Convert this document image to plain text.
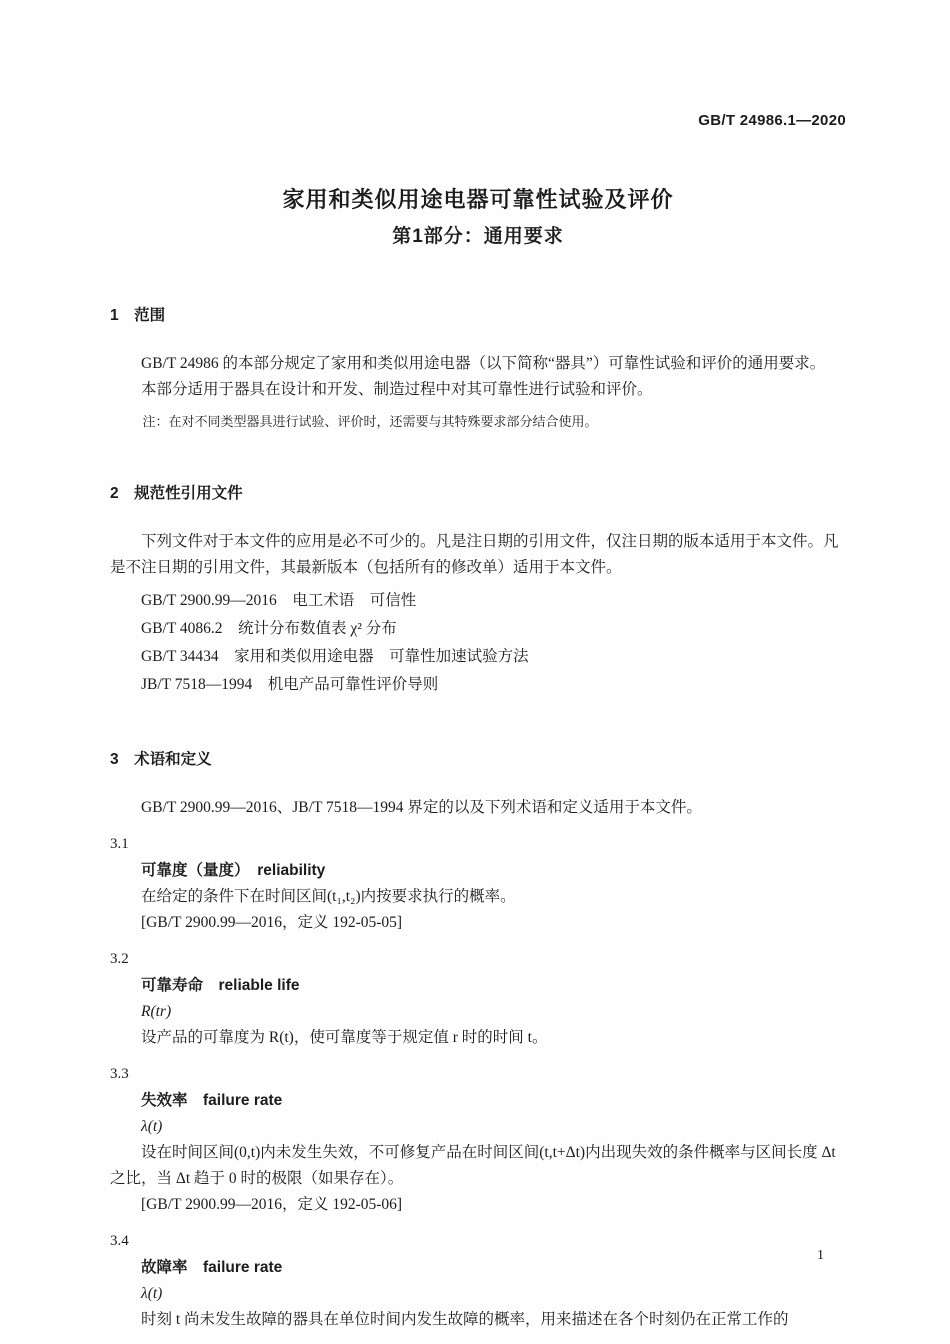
GB/T 24986.1—2020
家用和类似用途电器可靠性试验及评价
第1部分：通用要求
1　范围

GB/T 24986 的本部分规定了家用和类似用途电器（以下简称“器具”）可靠性试验和评价的通用要求。

本部分适用于器具在设计和开发、制造过程中对其可靠性进行试验和评价。

注：在对不同类型器具进行试验、评价时，还需要与其特殊要求部分结合使用。
2　规范性引用文件

下列文件对于本文件的应用是必不可少的。凡是注日期的引用文件，仅注日期的版本适用于本文件。凡是不注日期的引用文件，其最新版本（包括所有的修改单）适用于本文件。

GB/T 2900.99—2016　电工术语　可信性
GB/T 4086.2　统计分布数值表 χ² 分布
GB/T 34434　家用和类似用途电器　可靠性加速试验方法
JB/T 7518—1994　机电产品可靠性评价导则
3　术语和定义

GB/T 2900.99—2016、JB/T 7518—1994 界定的以及下列术语和定义适用于本文件。

3.1
可靠度（量度）　reliability

在给定的条件下在时间区间(t₁,t₂)内按要求执行的概率。

[GB/T 2900.99—2016，定义 192-05-05]
3.2
可靠寿命　reliable life
R(tr)

设产品的可靠度为 R(t)，使可靠度等于规定值 r 时的时间 t。

3.3
失效率　failure rate
λ(t)

设在时间区间(0,t)内未发生失效，不可修复产品在时间区间(t,t+Δt)内出现失效的条件概率与区间长度 Δt 之比，当 Δt 趋于 0 时的极限（如果存在）。

[GB/T 2900.99—2016，定义 192-05-06]
3.4
故障率　failure rate
λ(t)

时刻 t 尚未发生故障的器具在单位时间内发生故障的概率，用来描述在各个时刻仍在正常工作的

1
